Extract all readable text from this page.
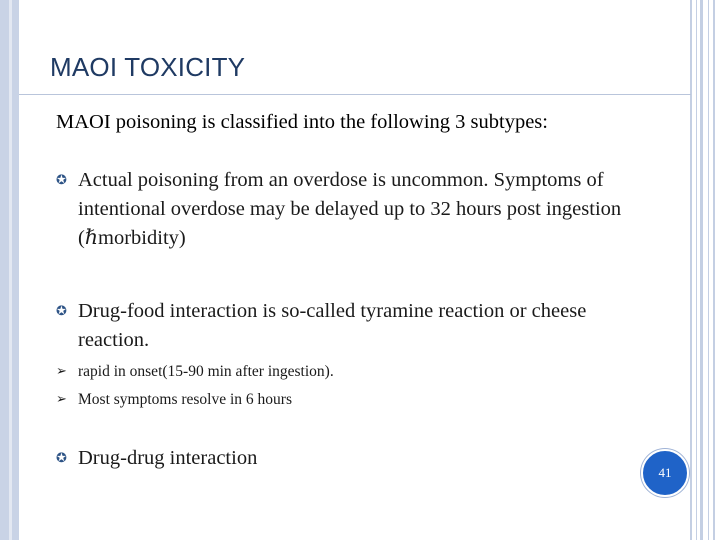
MAOI TOXICITY
MAOI poisoning is classified into the following 3 subtypes:
✪ Actual poisoning from an overdose is uncommon. Symptoms of intentional overdose may be delayed up to 32 hours post ingestion (ℏmorbidity)
✪ Drug-food interaction is so-called tyramine reaction or cheese reaction.
➢ rapid in onset(15-90 min after ingestion).
➢ Most symptoms resolve in 6 hours
✪ Drug-drug interaction
41
